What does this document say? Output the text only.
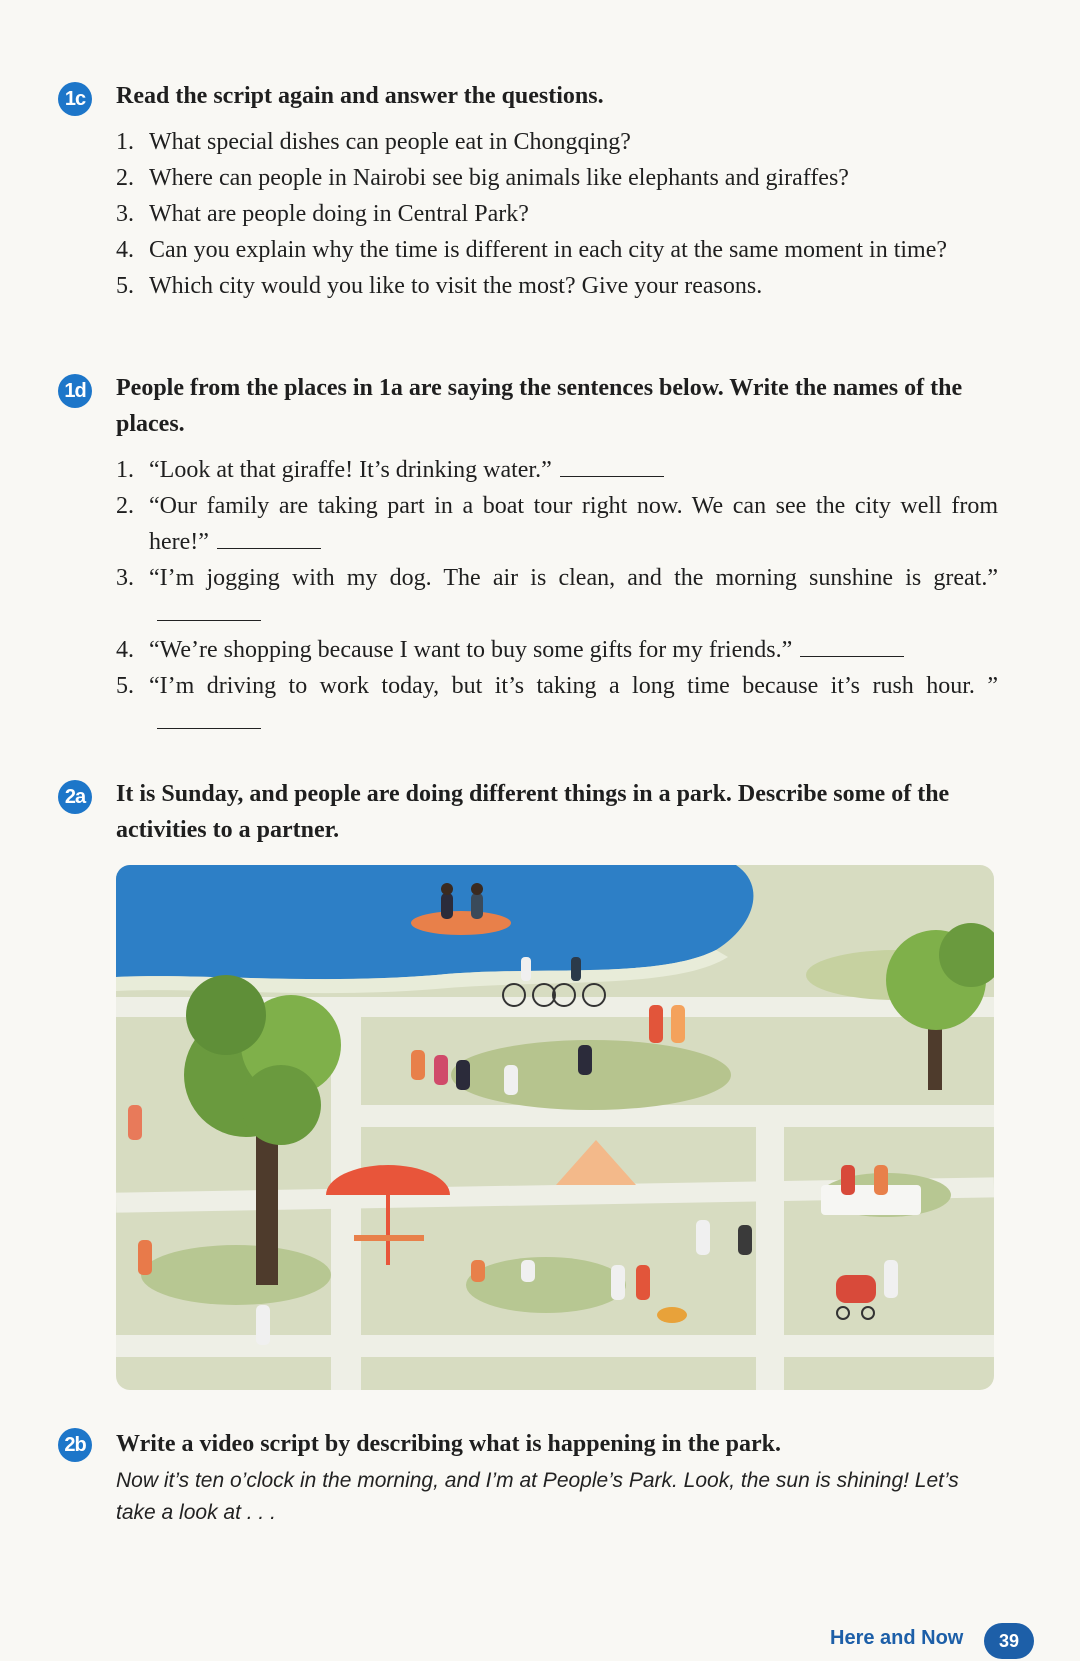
1c Read the script again and answer the questions.
1. What special dishes can people eat in Chongqing?
2. Where can people in Nairobi see big animals like elephants and giraffes?
3. What are people doing in Central Park?
4. Can you explain why the time is different in each city at the same moment in time?
5. Which city would you like to visit the most? Give your reasons.
1d People from the places in 1a are saying the sentences below. Write the names of the places.
1. “Look at that giraffe! It’s drinking water.”
2. “Our family are taking part in a boat tour right now. We can see the city well from here!”
3. “I’m jogging with my dog. The air is clean, and the morning sunshine is great.”
4. “We’re shopping because I want to buy some gifts for my friends.”
5. “I’m driving to work today, but it’s taking a long time because it’s rush hour. ”
2a It is Sunday, and people are doing different things in a park. Describe some of the activities to a partner.
2b Write a video script by describing what is happening in the park.
Now it’s ten o’clock in the morning, and I’m at People’s Park. Look, the sun is shining! Let’s take a look at . . .
Here and Now	39
